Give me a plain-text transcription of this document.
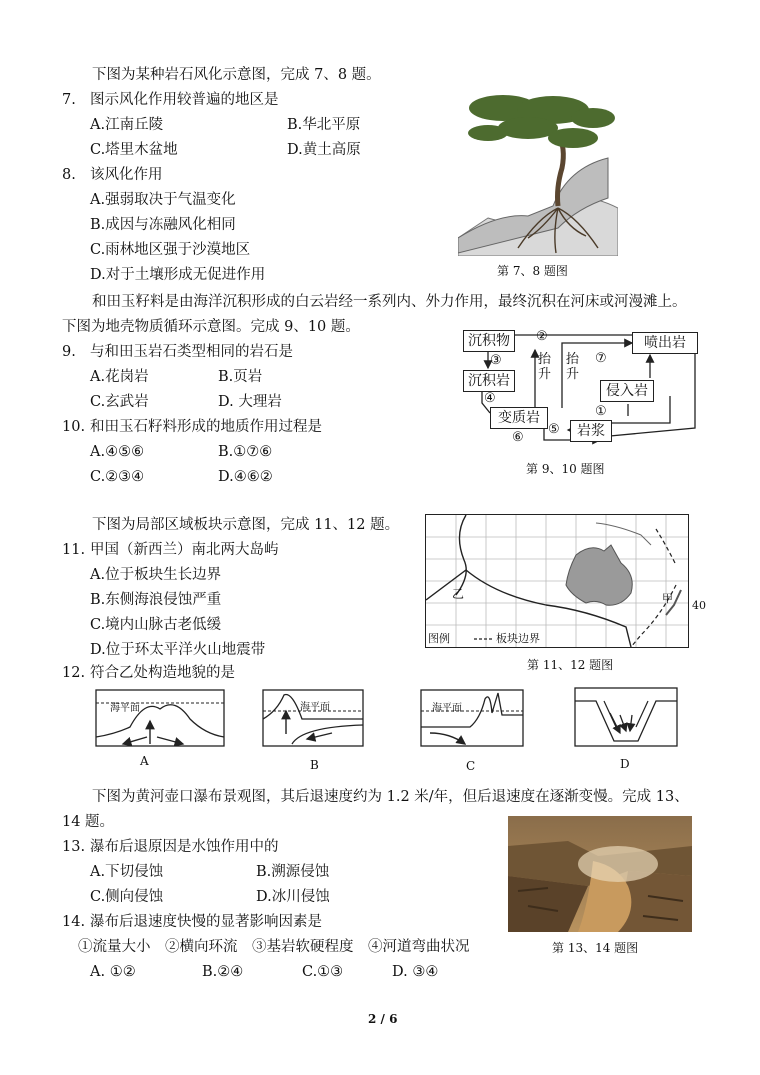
下图为某种岩石风化示意图，完成 7、8 题。
7. 图示风化作用较普遍的地区是
A.江南丘陵	B.华北平原
C.塔里木盆地	D.黄土高原
8. 该风化作用
A.强弱取决于气温变化
B.成因与冻融风化相同
C.雨林地区强于沙漠地区
D.对于土壤形成无促进作用	第 7、8 题图
和田玉籽料是由海洋沉积形成的白云岩经一系列内、外力作用，最终沉积在河床或河漫滩上。
下图为地壳物质循环示意图。完成 9、10 题。
9. 与和田玉岩石类型相同的岩石是
A.花岗岩	B.页岩
C.玄武岩	D. 大理岩
10. 和田玉石籽料形成的地质作用过程是
A.④⑤⑥	B.①⑦⑥
C.②③④	D.④⑥②
沉积物
沉积岩
变质岩
岩浆
侵入岩
喷出岩
②
③
④
⑤
⑥
⑦
①
抬升
抬升
第 9、10 题图
下图为局部区域板块示意图，完成 11、12 题。
11. 甲国（新西兰）南北两大岛屿
A.位于板块生长边界
B.东侧海浪侵蚀严重
C.境内山脉古老低缓
D.位于环太平洋火山地震带
乙	甲
图例	板块边界
40
第 11、12 题图
12. 符合乙处构造地貌的是
海平面
A
海平面
B
海平面
C	D
下图为黄河壶口瀑布景观图，其后退速度约为 1.2 米/年，但后退速度在逐渐变慢。完成 13、
14 题。
13. 瀑布后退原因是水蚀作用中的
A.下切侵蚀	B.溯源侵蚀
C.侧向侵蚀	D.冰川侵蚀
14. 瀑布后退速度快慢的显著影响因素是
①流量大小　②横向环流　③基岩软硬程度　④河道弯曲状况
A. ①②	B.②④	C.①③	D. ③④
第 13、14 题图
2 / 6
